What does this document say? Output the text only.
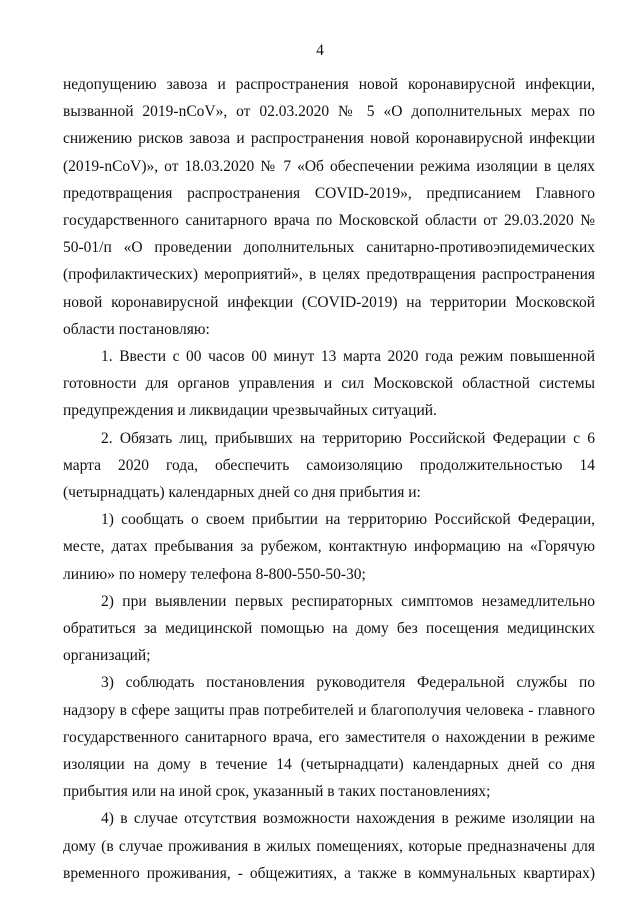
4

недопущению завоза и распространения новой коронавирусной инфекции, вызванной 2019-nCoV», от 02.03.2020 № 5 «О дополнительных мерах по снижению рисков завоза и распространения новой коронавирусной инфекции (2019-nCoV)», от 18.03.2020 № 7 «Об обеспечении режима изоляции в целях предотвращения распространения COVID-2019», предписанием Главного государственного санитарного врача по Московской области от 29.03.2020 № 50-01/п «О проведении дополнительных санитарно-противоэпидемических (профилактических) мероприятий», в целях предотвращения распространения новой коронавирусной инфекции (COVID-2019) на территории Московской области постановляю:

1. Ввести с 00 часов 00 минут 13 марта 2020 года режим повышенной готовности для органов управления и сил Московской областной системы предупреждения и ликвидации чрезвычайных ситуаций.

2. Обязать лиц, прибывших на территорию Российской Федерации с 6 марта 2020 года, обеспечить самоизоляцию продолжительностью 14 (четырнадцать) календарных дней со дня прибытия и:

1) сообщать о своем прибытии на территорию Российской Федерации, месте, датах пребывания за рубежом, контактную информацию на «Горячую линию» по номеру телефона 8-800-550-50-30;

2) при выявлении первых респираторных симптомов незамедлительно обратиться за медицинской помощью на дому без посещения медицинских организаций;

3) соблюдать постановления руководителя Федеральной службы по надзору в сфере защиты прав потребителей и благополучия человека - главного государственного санитарного врача, его заместителя о нахождении в режиме изоляции на дому в течение 14 (четырнадцати) календарных дней со дня прибытия или на иной срок, указанный в таких постановлениях;

4) в случае отсутствия возможности нахождения в режиме изоляции на дому (в случае проживания в жилых помещениях, которые предназначены для временного проживания, - общежитиях, а также в коммунальных квартирах)
